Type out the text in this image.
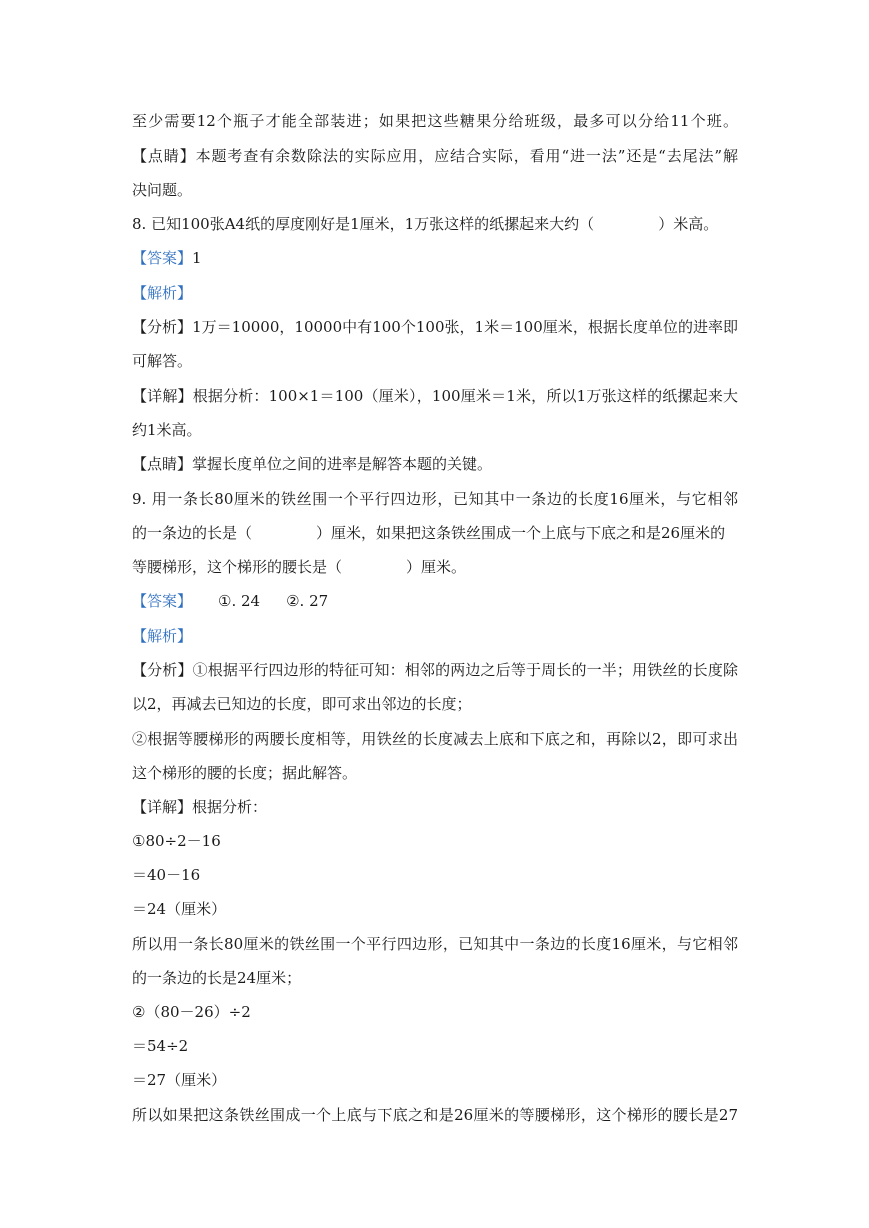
至少需要12个瓶子才能全部装进；如果把这些糖果分给班级，最多可以分给11个班。
【点睛】本题考查有余数除法的实际应用，应结合实际，看用“进一法”还是“去尾法”解
决问题。
8. 已知100张A4纸的厚度刚好是1厘米，1万张这样的纸摞起来大约（	）米高。
【答案】1
【解析】
【分析】1万＝10000，10000中有100个100张，1米＝100厘米，根据长度单位的进率即
可解答。
【详解】根据分析：100×1＝100（厘米），100厘米＝1米，所以1万张这样的纸摞起来大
约1米高。
【点睛】掌握长度单位之间的进率是解答本题的关键。
9. 用一条长80厘米的铁丝围一个平行四边形，已知其中一条边的长度16厘米，与它相邻
的一条边的长是（	）厘米，如果把这条铁丝围成一个上底与下底之和是26厘米的
等腰梯形，这个梯形的腰长是（	）厘米。
【答案】 ①. 24 ②. 27
【解析】
【分析】①根据平行四边形的特征可知：相邻的两边之后等于周长的一半；用铁丝的长度除
以2，再减去已知边的长度，即可求出邻边的长度；
②根据等腰梯形的两腰长度相等，用铁丝的长度减去上底和下底之和，再除以2，即可求出
这个梯形的腰的长度；据此解答。
【详解】根据分析：
①80÷2－16
＝40－16
＝24（厘米）
所以用一条长80厘米的铁丝围一个平行四边形，已知其中一条边的长度16厘米，与它相邻
的一条边的长是24厘米；
②（80－26）÷2
＝54÷2
＝27（厘米）
所以如果把这条铁丝围成一个上底与下底之和是26厘米的等腰梯形，这个梯形的腰长是27
